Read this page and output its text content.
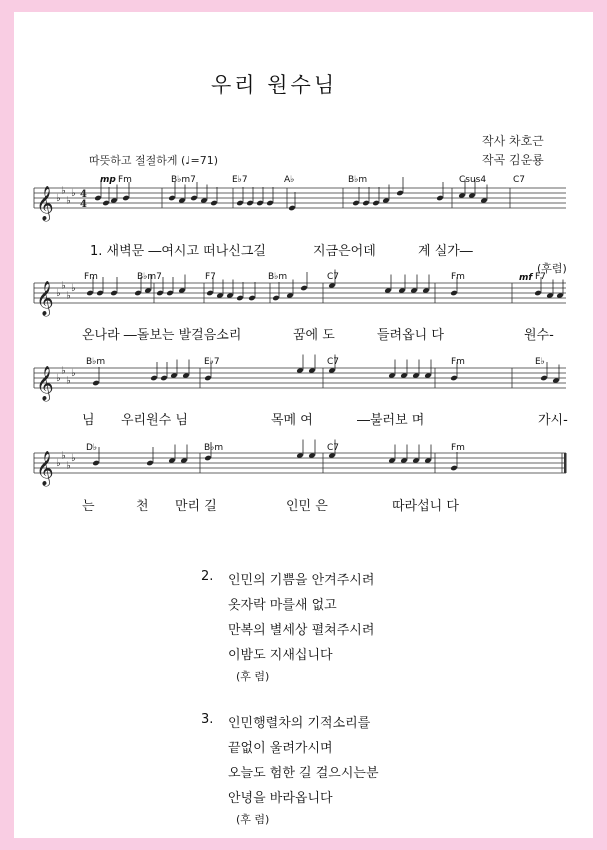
우리 원수님
작사 차호근
작곡 김운룡
따뜻하고 절절하게 (♩=71)
𝄞 ♭
♭
♭
♭ 4
4
𝄞 ♭
♭
♭
♭
𝄞 ♭
♭
♭
♭
𝄞 ♭
♭
♭
♭
mp Fm	B♭m7	E♭7	A♭	B♭m	Csus4	C7
1. 새벽문 ―여시고 떠나신그길	지금은어데	계 실가―
(후렴)
Fm	B♭m7	F7	B♭m	C7	Fm	mf F7
온나라 ―돌보는 발걸음소리	꿈에 도	들려옵니 다	원수-
B♭m	E♭7	C7	Fm	E♭
님 우리원수 님	목메 여	―불러보 며	가시-
D♭	B♭m	C7	Fm
는	천 만리 길	인민 은	따라섭니 다
2. 인민의 기쁨을 안겨주시려
옷자락 마를새 없고
만복의 별세상 펼쳐주시려
이밤도 지새십니다
(후 렴)
3. 인민행렬차의 기적소리를
끝없이 울려가시며
오늘도 험한 길 걸으시는분
안녕을 바라옵니다
(후 렴)
